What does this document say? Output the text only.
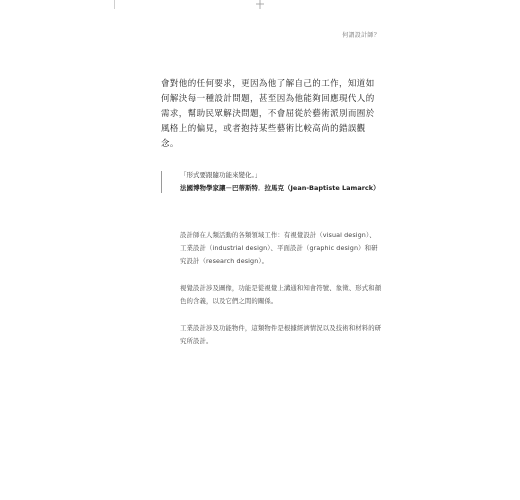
何謂設計師？

會對他的任何要求，更因為他了解自己的工作，知道如何解決每一種設計問題，甚至因為他能夠回應現代人的需求，幫助民眾解決問題，不會屈從於藝術派別而囿於風格上的偏見，或者抱持某些藝術比較高尚的錯誤觀念。

「形式要跟隨功能來變化。」

法國博物學家讓－巴蒂斯特．拉馬克（Jean-Baptiste Lamarck）

設計師在人類活動的各類領域工作：有視覺設計（visual design）、工業設計（industrial design）、平面設計（graphic design）和研究設計（research design）。

視覺設計涉及圖像，功能是從視覺上溝通和知會符號、象徵、形式和顏色的含義，以及它們之間的關係。

工業設計涉及功能物件，這類物件是根據經濟情況以及技術和材料的研究所設計。
